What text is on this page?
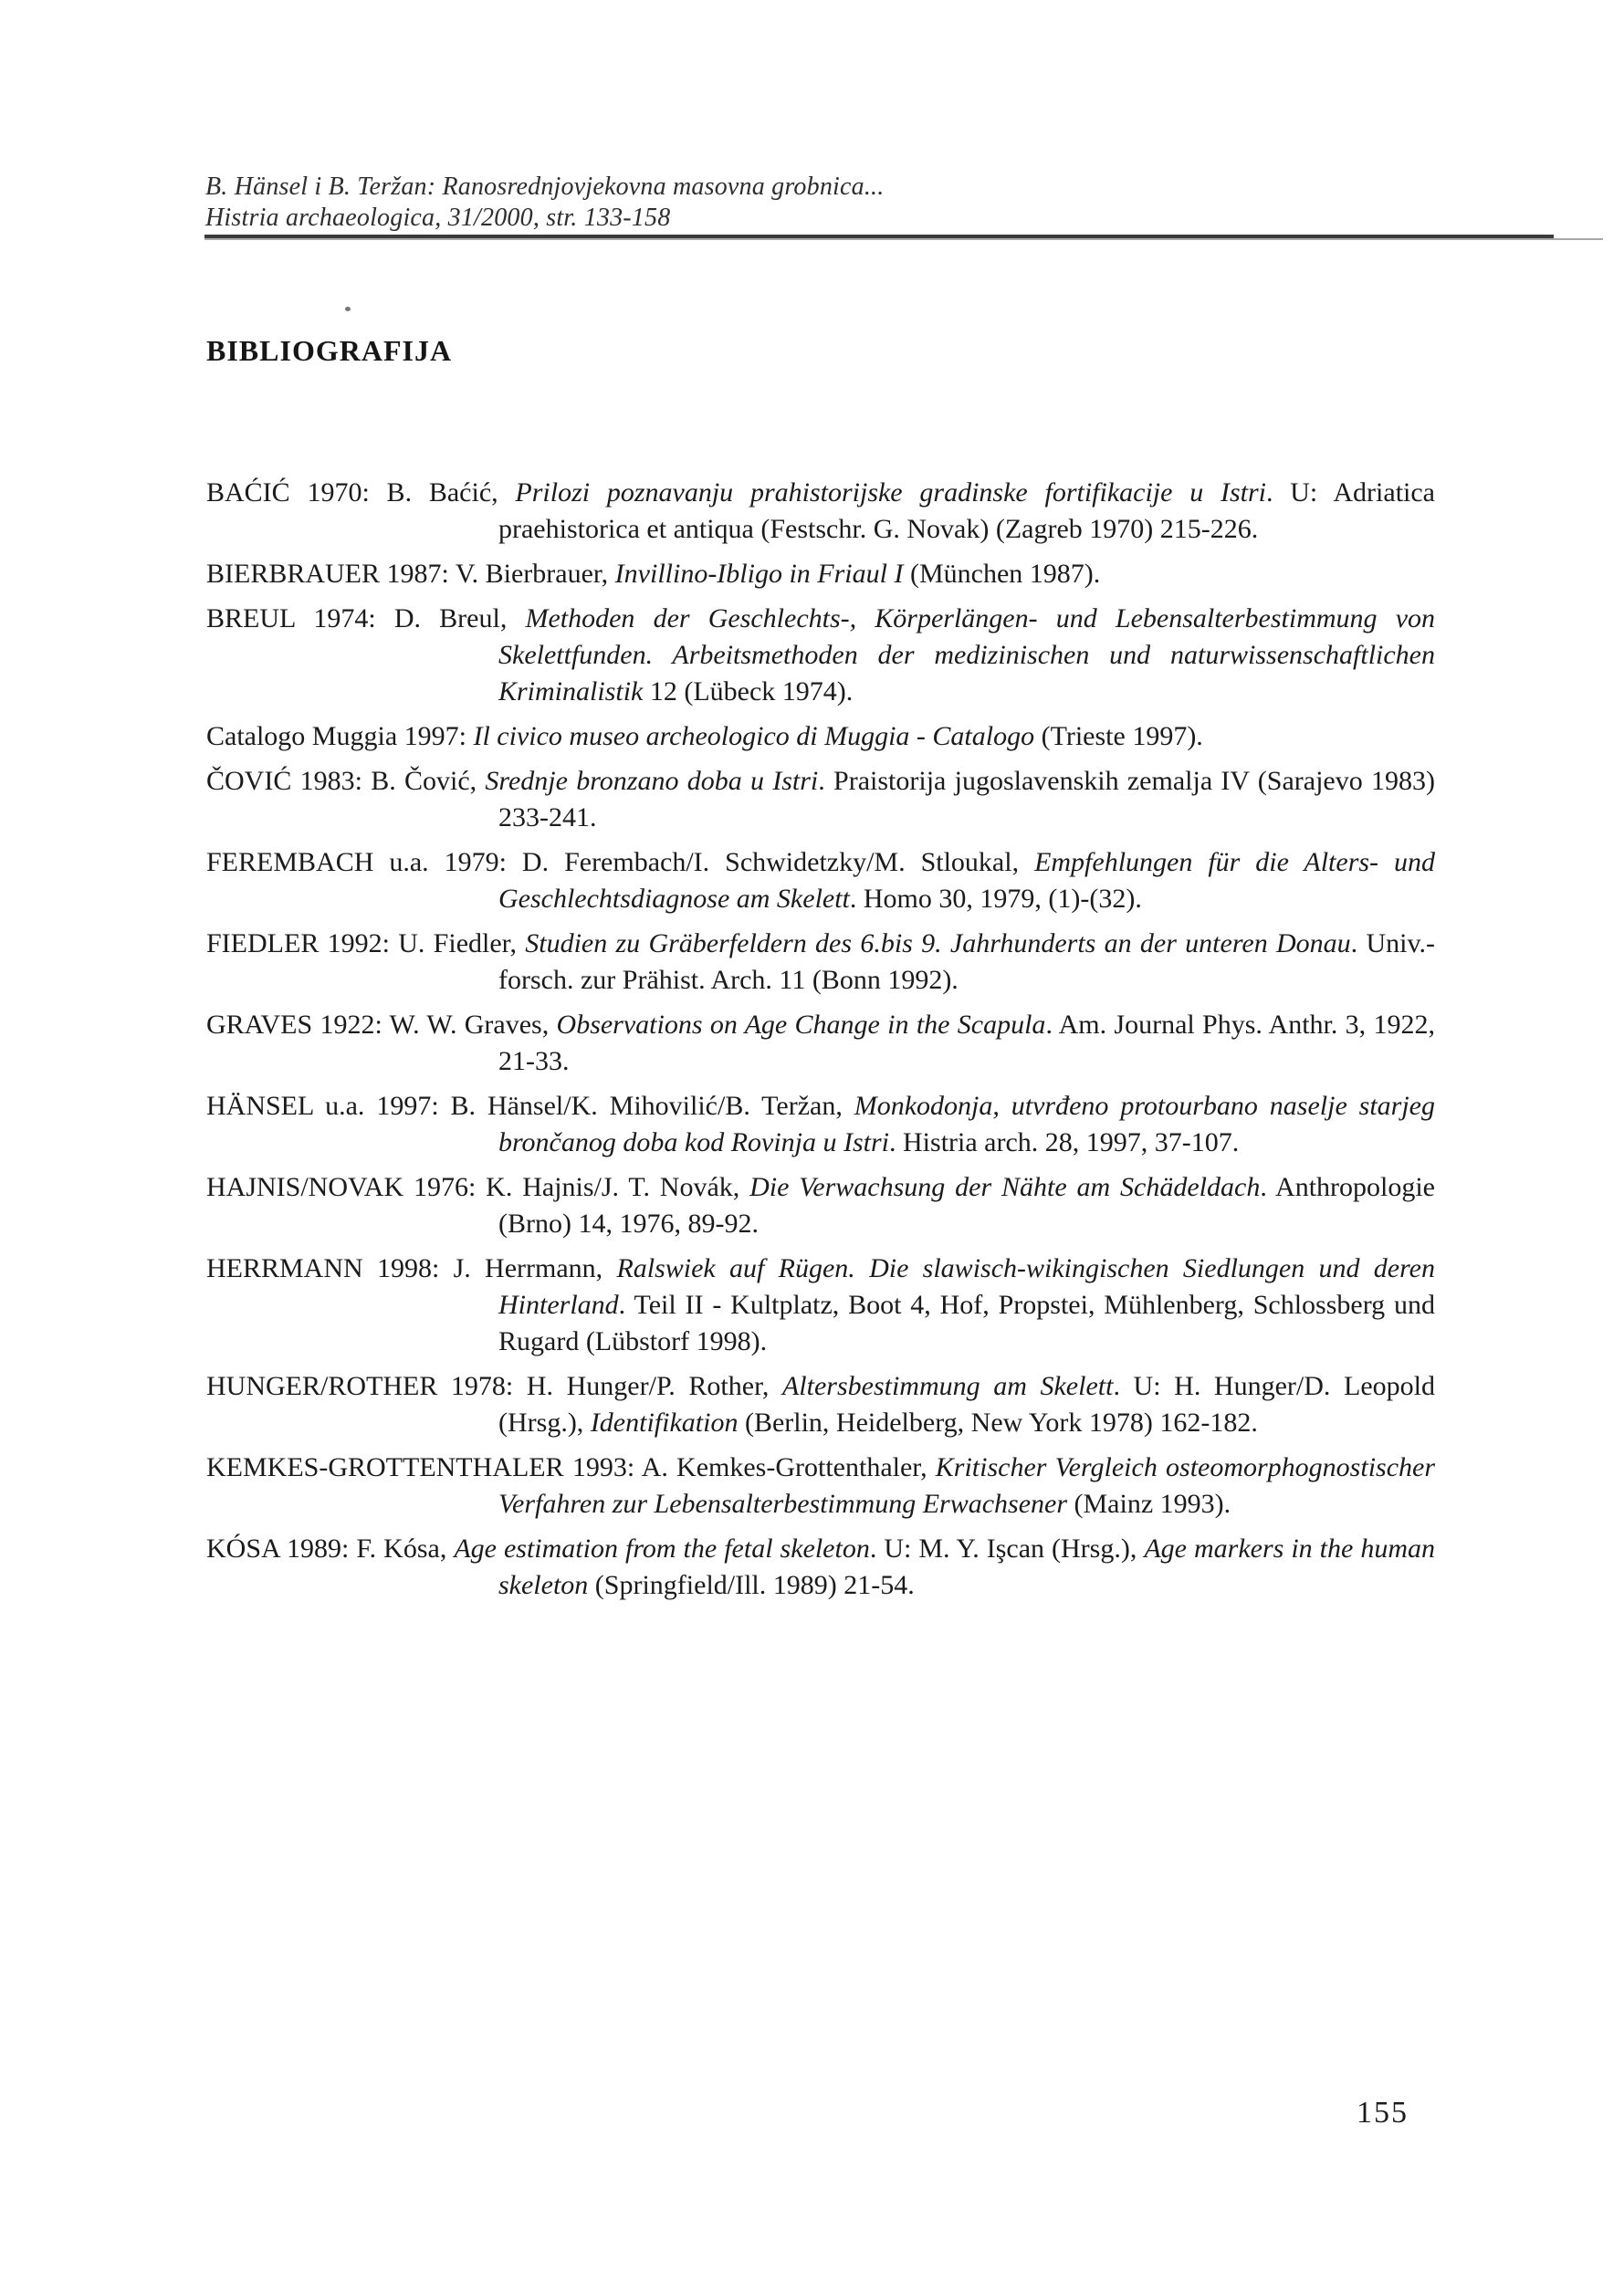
B. Hänsel i B. Teržan: Ranosrednjovjekovna masovna grobnica...
Histria archaeologica, 31/2000, str. 133-158
BIBLIOGRAFIJA

BAĆIĆ 1970: B. Baćić, Prilozi poznavanju prahistorijske gradinske fortifikacije u Istri. U: Adriatica praehistorica et antiqua (Festschr. G. Novak) (Zagreb 1970) 215-226.

BIERBRAUER 1987: V. Bierbrauer, Invillino-Ibligo in Friaul I (München 1987).

BREUL 1974: D. Breul, Methoden der Geschlechts-, Körperlängen- und Lebensalterbestimmung von Skelettfunden. Arbeitsmethoden der medizinischen und naturwissenschaftlichen Kriminalistik 12 (Lübeck 1974).

Catalogo Muggia 1997: Il civico museo archeologico di Muggia - Catalogo (Trieste 1997).

ČOVIĆ 1983: B. Čović, Srednje bronzano doba u Istri. Praistorija jugoslavenskih zemalja IV (Sarajevo 1983) 233-241.

FEREMBACH u.a. 1979: D. Ferembach/I. Schwidetzky/M. Stloukal, Empfehlungen für die Alters- und Geschlechtsdiagnose am Skelett. Homo 30, 1979, (1)-(32).

FIEDLER 1992: U. Fiedler, Studien zu Gräberfeldern des 6.bis 9. Jahrhunderts an der unteren Donau. Univ.-forsch. zur Prähist. Arch. 11 (Bonn 1992).

GRAVES 1922: W. W. Graves, Observations on Age Change in the Scapula. Am. Journal Phys. Anthr. 3, 1922, 21-33.

HÄNSEL u.a. 1997: B. Hänsel/K. Mihovilić/B. Teržan, Monkodonja, utvrđeno protourbano naselje starjeg brončanog doba kod Rovinja u Istri. Histria arch. 28, 1997, 37-107.

HAJNIS/NOVAK 1976: K. Hajnis/J. T. Novák, Die Verwachsung der Nähte am Schädeldach. Anthropologie (Brno) 14, 1976, 89-92.

HERRMANN 1998: J. Herrmann, Ralswiek auf Rügen. Die slawisch-wikingischen Siedlungen und deren Hinterland. Teil II - Kultplatz, Boot 4, Hof, Propstei, Mühlenberg, Schlossberg und Rugard (Lübstorf 1998).

HUNGER/ROTHER 1978: H. Hunger/P. Rother, Altersbestimmung am Skelett. U: H. Hunger/D. Leopold (Hrsg.), Identifikation (Berlin, Heidelberg, New York 1978) 162-182.

KEMKES-GROTTENTHALER 1993: A. Kemkes-Grottenthaler, Kritischer Vergleich osteomorphognostischer Verfahren zur Lebensalterbestimmung Erwachsener (Mainz 1993).

KÓSA 1989: F. Kósa, Age estimation from the fetal skeleton. U: M. Y. Işcan (Hrsg.), Age markers in the human skeleton (Springfield/Ill. 1989) 21-54.

155
